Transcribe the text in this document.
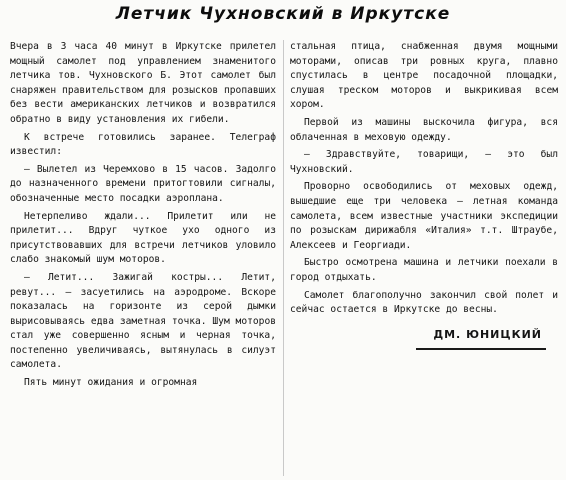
Летчик Чухновский в Иркутске

Вчера в 3 часа 40 минут в Иркутске прилетел мощный самолет под управлением знаменитого летчика тов. Чухновского Б. Этот самолет был снаряжен правительством для розысков пропавших без вести американских летчиков и возвратился обратно в виду установления их гибели.

К встрече готовились заранее. Телеграф известил:

— Вылетел из Черемхово в 15 часов. Задолго до назначенного времени притогтовили сигналы, обозначенные место посадки аэроплана.

Нетерпеливо ждали... Прилетит или не прилетит... Вдруг чуткое ухо одного из присутствовавших для встречи летчиков уловило слабо знакомый шум моторов.

— Летит... Зажигай костры... Летит, ревут... — засуетились на аэродроме. Вскоре показалась на горизонте из серой дымки вырисовываясь едва заметная точка. Шум моторов стал уже совершенно ясным и черная точка, постепенно увеличиваясь, вытянулась в силуэт самолета.

Пять минут ожидания и огромная

стальная птица, снабженная двумя мощными моторами, описав три ровных круга, плавно спустилась в центре посадочной площадки, слушая треском моторов и выкрикивая всем хором.

Первой из машины выскочила фигура, вся облаченная в меховую одежду.

— Здравствуйте, товарищи, — это был Чухновский.

Проворно освободились от меховых одежд, вышедшие еще три человека — летная команда самолета, всем известные участники экспедиции по розыскам дирижабля «Италия» т.т. Штраубе, Алексеев и Георгиади.

Быстро осмотрена машина и летчики поехали в город отдыхать.

Самолет благополучно закончил свой полет и сейчас остается в Иркутске до весны.

ДМ. ЮНИЦКИЙ
